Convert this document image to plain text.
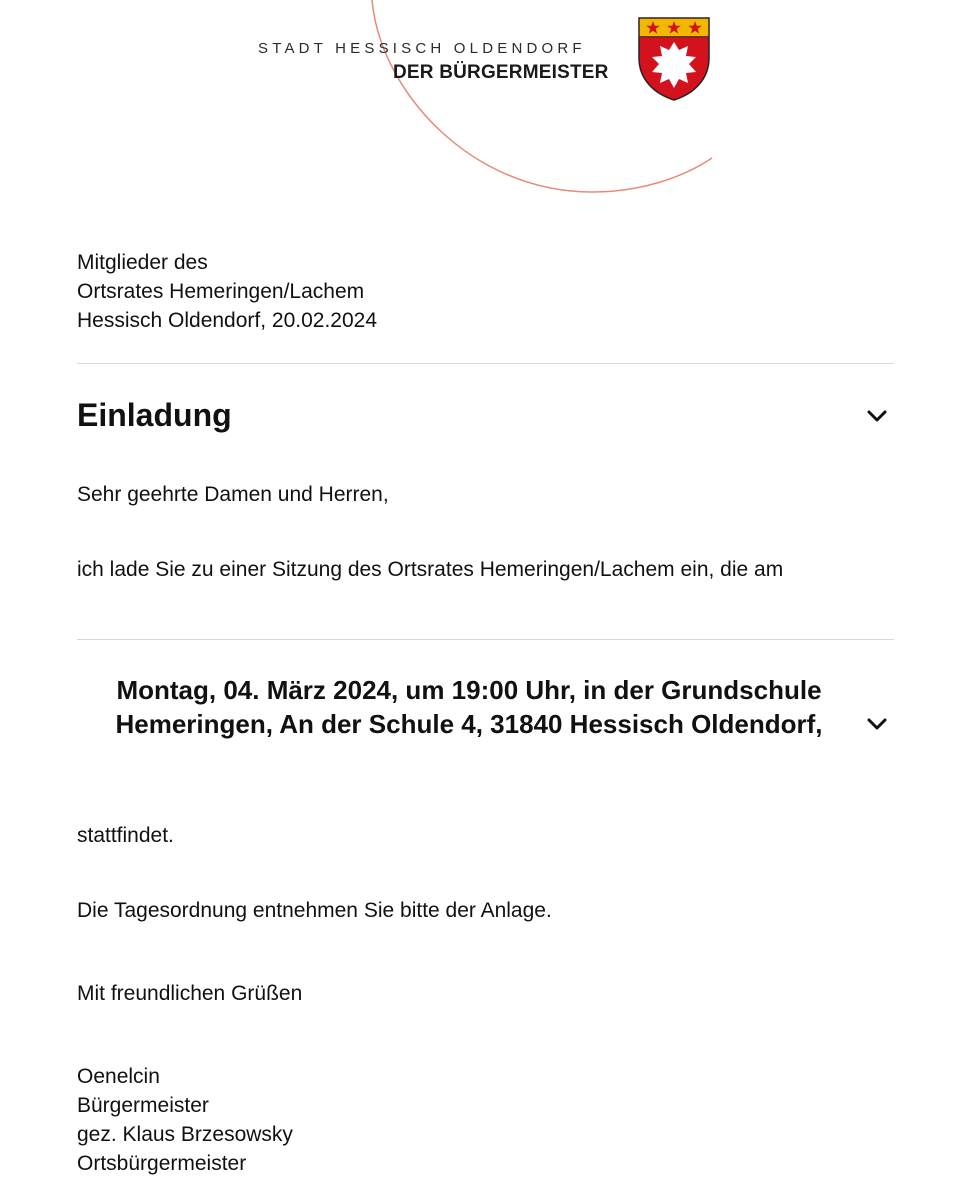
STADT HESSISCH OLDENDORF
DER BÜRGERMEISTER
Mitglieder des
Ortsrates Hemeringen/Lachem
Hessisch Oldendorf, 20.02.2024
Einladung
Sehr geehrte Damen und Herren,
ich lade Sie zu einer Sitzung des Ortsrates Hemeringen/Lachem ein, die am
Montag, 04. März 2024, um 19:00 Uhr, in der Grundschule Hemeringen, An der Schule 4, 31840 Hessisch Oldendorf,
stattfindet.
Die Tagesordnung entnehmen Sie bitte der Anlage.
Mit freundlichen Grüßen
Oenelcin
Bürgermeister
gez. Klaus Brzesowsky
Ortsbürgermeister
